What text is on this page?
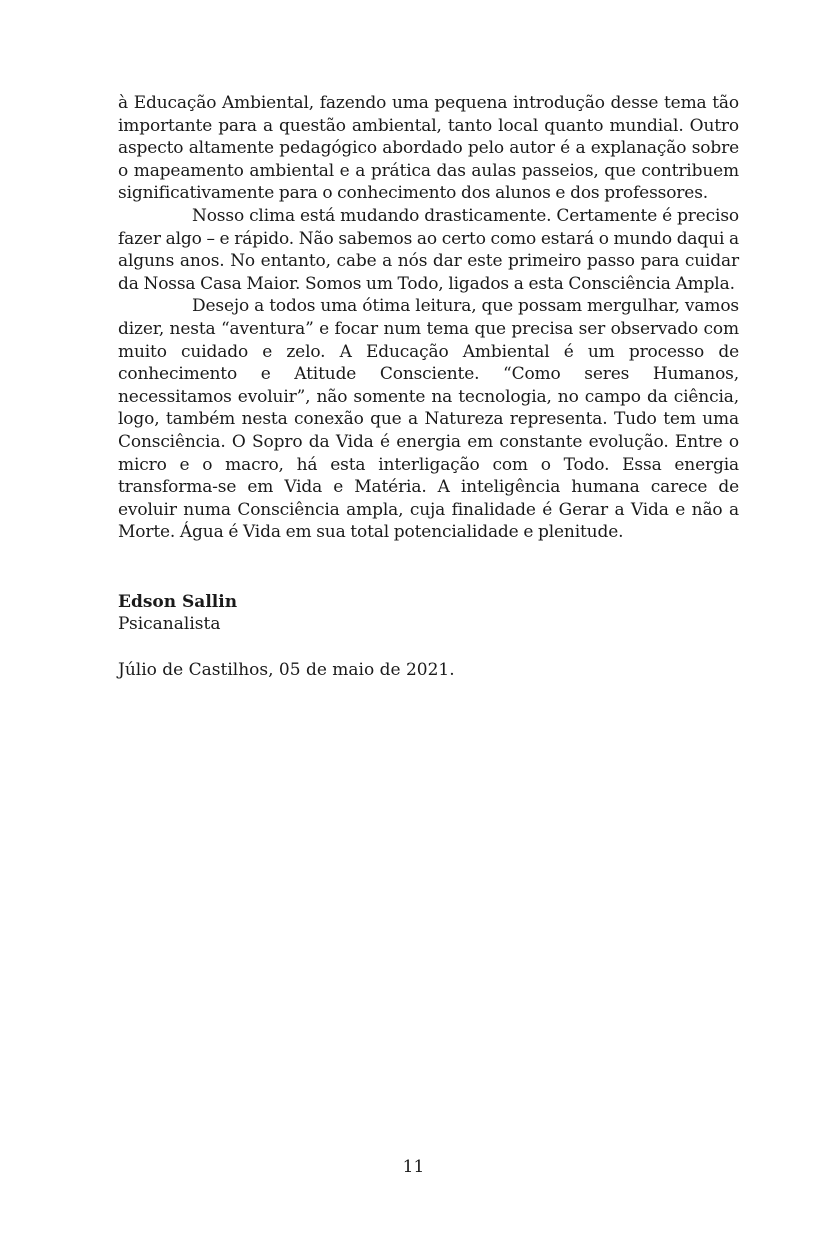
à Educação Ambiental, fazendo uma pequena introdução desse tema tão importante para a questão ambiental, tanto local quanto mundial. Outro aspecto altamente pedagógico abordado pelo autor é a explanação sobre o mapeamento ambiental e a prática das aulas passeios, que contribuem significativamente para o conhecimento dos alunos e dos professores.

Nosso clima está mudando drasticamente. Certamente é preciso fazer algo – e rápido. Não sabemos ao certo como estará o mundo daqui a alguns anos. No entanto, cabe a nós dar este primeiro passo para cuidar da Nossa Casa Maior. Somos um Todo, ligados a esta Consciência Ampla.

Desejo a todos uma ótima leitura, que possam mergulhar, vamos dizer, nesta “aventura” e focar num tema que precisa ser observado com muito cuidado e zelo. A Educação Ambiental é um processo de conhecimento e Atitude Consciente. “Como seres Humanos, necessitamos evoluir”, não somente na tecnologia, no campo da ciência, logo, também nesta conexão que a Natureza representa. Tudo tem uma Consciência. O Sopro da Vida é energia em constante evolução. Entre o micro e o macro, há esta interligação com o Todo. Essa energia transforma-se em Vida e Matéria. A inteligência humana carece de evoluir numa Consciência ampla, cuja finalidade é Gerar a Vida e não a Morte. Água é Vida em sua total potencialidade e plenitude.

Edson Sallin
Psicanalista
Júlio de Castilhos, 05 de maio de 2021.
11
